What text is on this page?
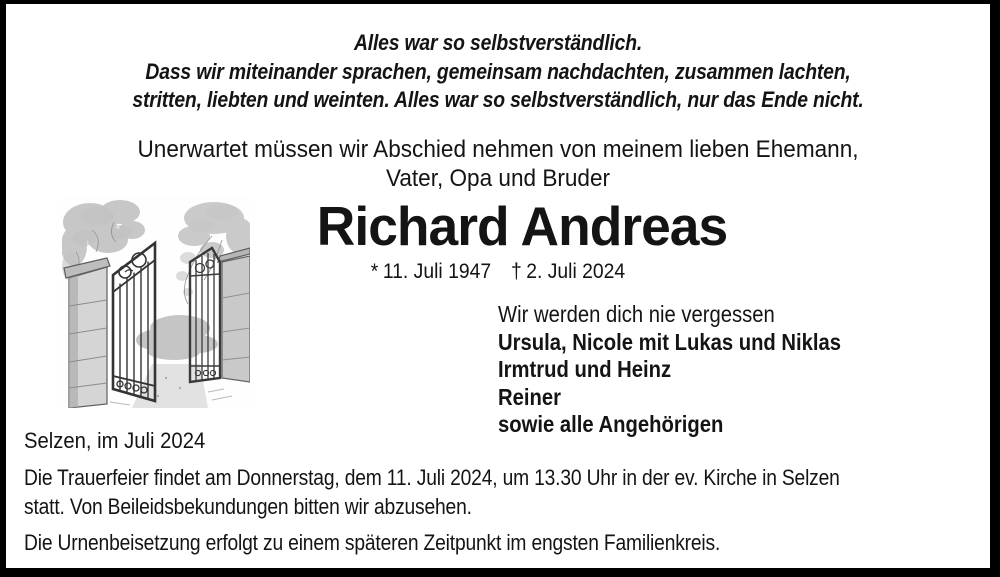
Alles war so selbstverständlich.
Dass wir miteinander sprachen, gemeinsam nachdachten, zusammen lachten,
stritten, liebten und weinten. Alles war so selbstverständlich, nur das Ende nicht.
Unerwartet müssen wir Abschied nehmen von meinem lieben Ehemann,
Vater, Opa und Bruder
Richard Andreas
* 11. Juli 1947 † 2. Juli 2024
Wir werden dich nie vergessen
Ursula, Nicole mit Lukas und Niklas
Irmtrud und Heinz
Reiner
sowie alle Angehörigen
Selzen, im Juli 2024
Die Trauerfeier findet am Donnerstag, dem 11. Juli 2024, um 13.30 Uhr in der ev. Kirche in Selzen
statt. Von Beileidsbekundungen bitten wir abzusehen.
Die Urnenbeisetzung erfolgt zu einem späteren Zeitpunkt im engsten Familienkreis.
